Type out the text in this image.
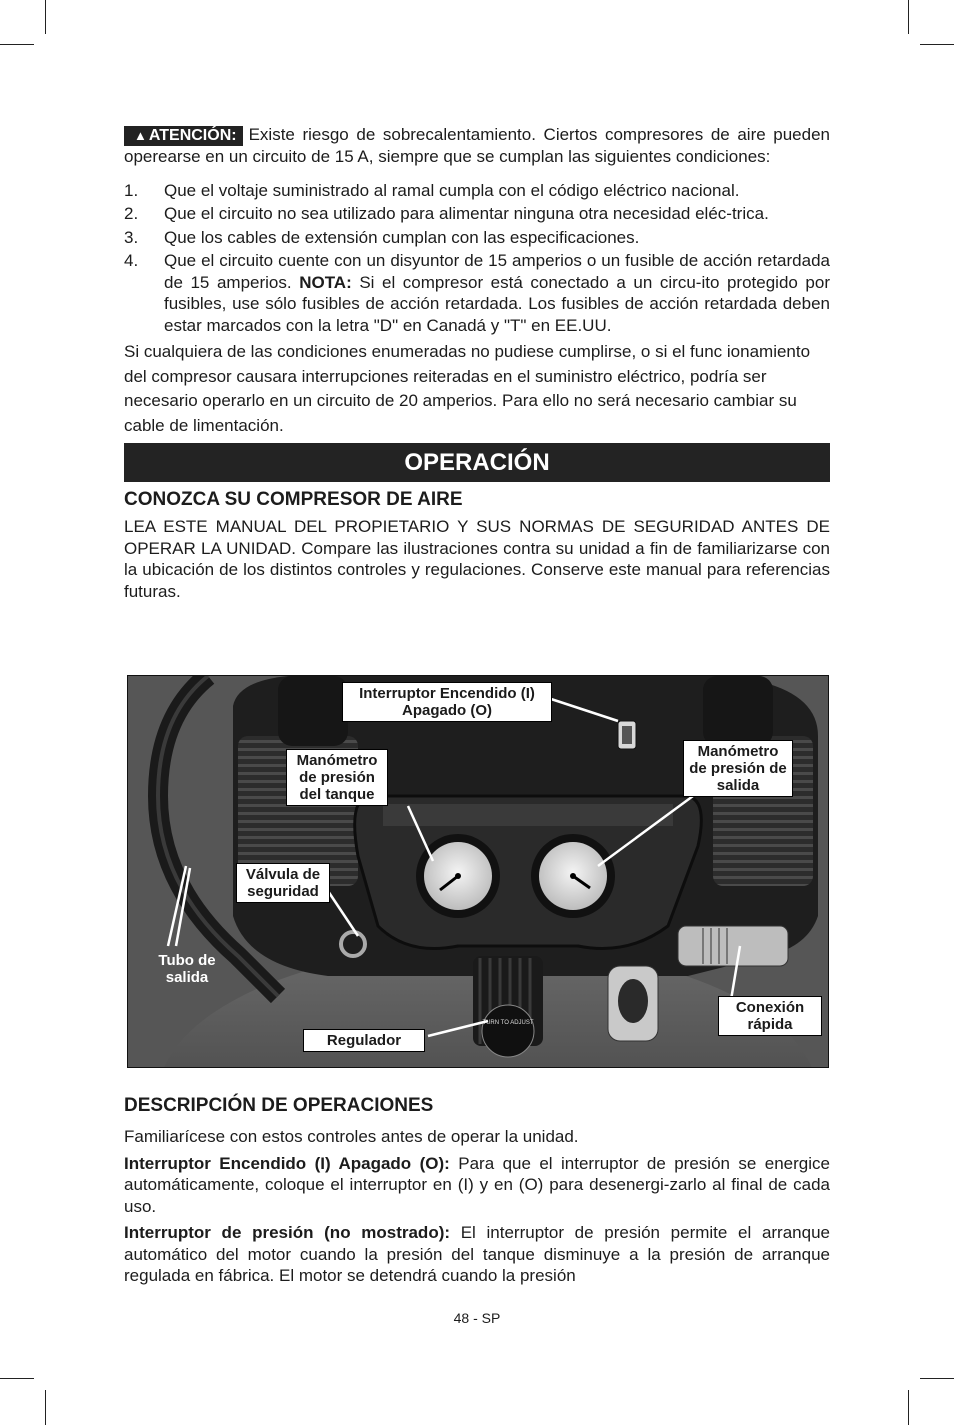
▲ ATENCIÓN: Existe riesgo de sobrecalentamiento. Ciertos compresores de aire pueden operearse en un circuito de 15 A, siempre que se cumplan las siguientes condiciones:

1. Que el voltaje suministrado al ramal cumpla con el código eléctrico nacional.
2. Que el circuito no sea utilizado para alimentar ninguna otra necesidad eléc-trica.
3. Que los cables de extensión cumplan con las especificaciones.
4. Que el circuito cuente con un disyuntor de 15 amperios o un fusible de acción retardada de 15 amperios. NOTA: Si el compresor está conectado a un circu-ito protegido por fusibles, use sólo fusibles de acción retardada. Los fusibles de acción retardada deben estar marcados con la letra "D" en Canadá y "T" en EE.UU.

Si cualquiera de las condiciones enumeradas no pudiese cumplirse, o si el func ionamiento del compresor causara interrupciones reiteradas en el suministro eléctrico, podría ser necesario operarlo en un circuito de 20 amperios. Para ello no será necesario cambiar su cable de limentación.

OPERACIÓN
CONOZCA SU COMPRESOR DE AIRE

LEA ESTE MANUAL DEL PROPIETARIO Y SUS NORMAS DE SEGURIDAD ANTES DE OPERAR LA UNIDAD. Compare las ilustraciones contra su unidad a fin de familiarizarse con la ubicación de los distintos controles y regulaciones. Conserve este manual para referencias futuras.

TURN TO ADJUST
Interruptor Encendido (I) Apagado (O)
Manómetro de presión del tanque
Manómetro de presión de salida
Válvula de seguridad
Tubo de salida
Regulador
Conexión rápida
DESCRIPCIÓN DE OPERACIONES

Familiarícese con estos controles antes de operar la unidad.

Interruptor Encendido (I) Apagado (O): Para que el interruptor de presión se energice automáticamente, coloque el interruptor en (I) y en (O) para desenergi-zarlo al final de cada uso.

Interruptor de presión (no mostrado): El interruptor de presión permite el arranque automático del motor cuando la presión del tanque disminuye a la presión de arranque regulada en fábrica. El motor se detendrá cuando la presión

48 - SP
